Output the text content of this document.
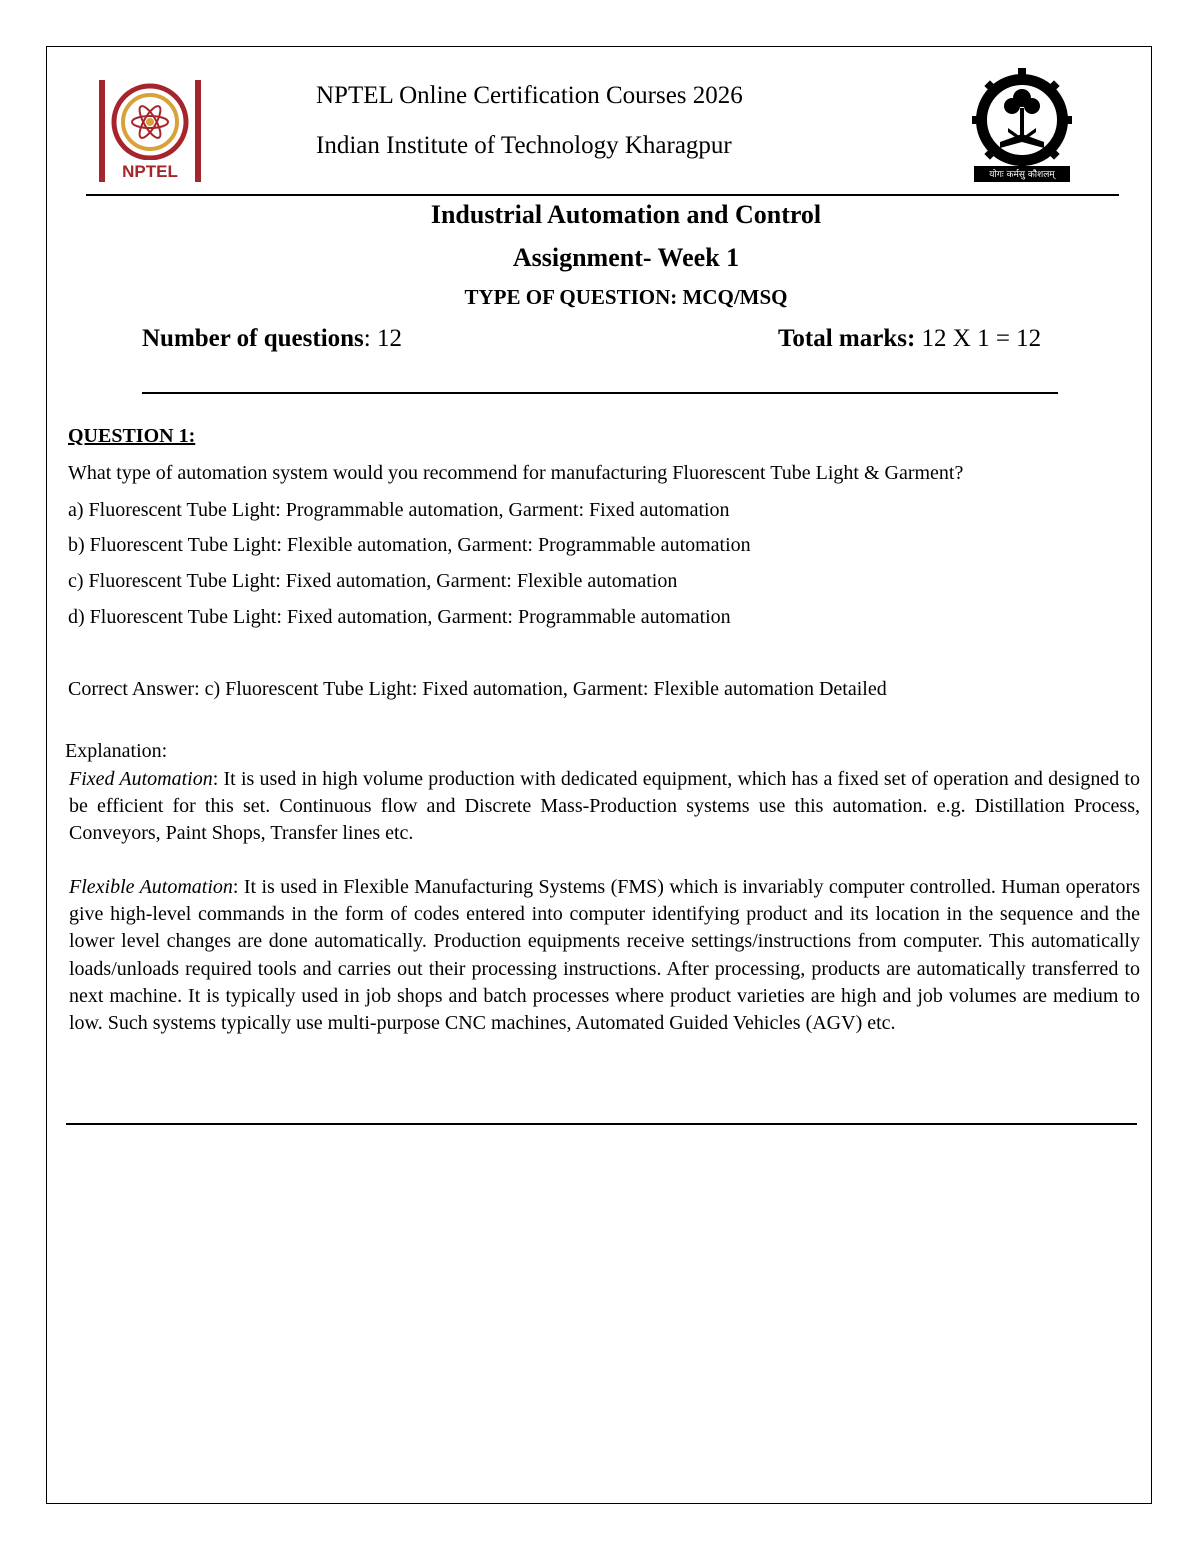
NPTEL
NPTEL Online Certification Courses 2026
Indian Institute of Technology Kharagpur
योगः कर्मसु कौशलम्
Industrial Automation and Control
Assignment- Week 1
TYPE OF QUESTION: MCQ/MSQ
Number of questions: 12	Total marks: 12 X 1 = 12
QUESTION 1:
What type of automation system would you recommend for manufacturing Fluorescent Tube Light & Garment?
a) Fluorescent Tube Light: Programmable automation, Garment: Fixed automation
b) Fluorescent Tube Light: Flexible automation, Garment: Programmable automation
c) Fluorescent Tube Light: Fixed automation, Garment: Flexible automation
d) Fluorescent Tube Light: Fixed automation, Garment: Programmable automation
Correct Answer: c) Fluorescent Tube Light: Fixed automation, Garment: Flexible automation Detailed
Explanation:
Fixed Automation: It is used in high volume production with dedicated equipment, which has a fixed set of operation and designed to be efficient for this set. Continuous flow and Discrete Mass-Production systems use this automation. e.g. Distillation Process, Conveyors, Paint Shops, Transfer lines etc.
Flexible Automation: It is used in Flexible Manufacturing Systems (FMS) which is invariably computer controlled. Human operators give high-level commands in the form of codes entered into computer identifying product and its location in the sequence and the lower level changes are done automatically. Production equipments receive settings/instructions from computer. This automatically loads/unloads required tools and carries out their processing instructions. After processing, products are automatically transferred to next machine. It is typically used in job shops and batch processes where product varieties are high and job volumes are medium to low. Such systems typically use multi-purpose CNC machines, Automated Guided Vehicles (AGV) etc.
